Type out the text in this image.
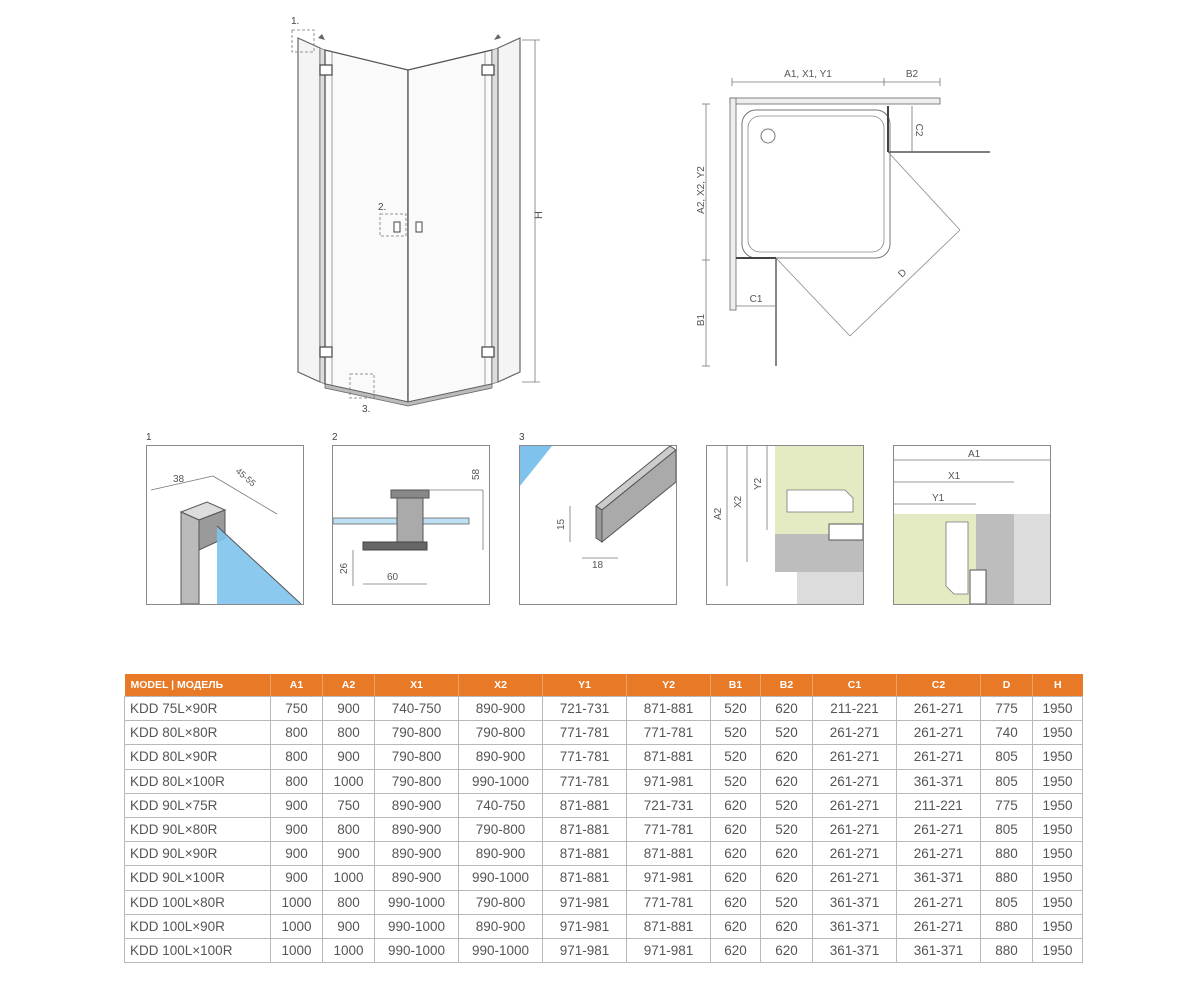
H
1.
2.
3.
A1, X1, Y1	B2
A2, X2, Y2
B1
D
C1
C2
1	2	3
38	45-55	58
26
60
15
18
A2
X2
Y2
A1
X1
Y1
MODEL | МОДЕЛЬ	A1	A2	X1	X2	Y1	Y2	B1	B2	C1	C2	D	H
KDD 75L×90R	750	900	740-750	890-900	721-731	871-881	520	620	211-221	261-271	775	1950
KDD 80L×80R	800	800	790-800	790-800	771-781	771-781	520	520	261-271	261-271	740	1950
KDD 80L×90R	800	900	790-800	890-900	771-781	871-881	520	620	261-271	261-271	805	1950
KDD 80L×100R	800	1000	790-800	990-1000	771-781	971-981	520	620	261-271	361-371	805	1950
KDD 90L×75R	900	750	890-900	740-750	871-881	721-731	620	520	261-271	211-221	775	1950
KDD 90L×80R	900	800	890-900	790-800	871-881	771-781	620	520	261-271	261-271	805	1950
KDD 90L×90R	900	900	890-900	890-900	871-881	871-881	620	620	261-271	261-271	880	1950
KDD 90L×100R	900	1000	890-900	990-1000	871-881	971-981	620	620	261-271	361-371	880	1950
KDD 100L×80R	1000	800	990-1000	790-800	971-981	771-781	620	520	361-371	261-271	805	1950
KDD 100L×90R	1000	900	990-1000	890-900	971-981	871-881	620	620	361-371	261-271	880	1950
KDD 100L×100R	1000	1000	990-1000	990-1000	971-981	971-981	620	620	361-371	361-371	880	1950
